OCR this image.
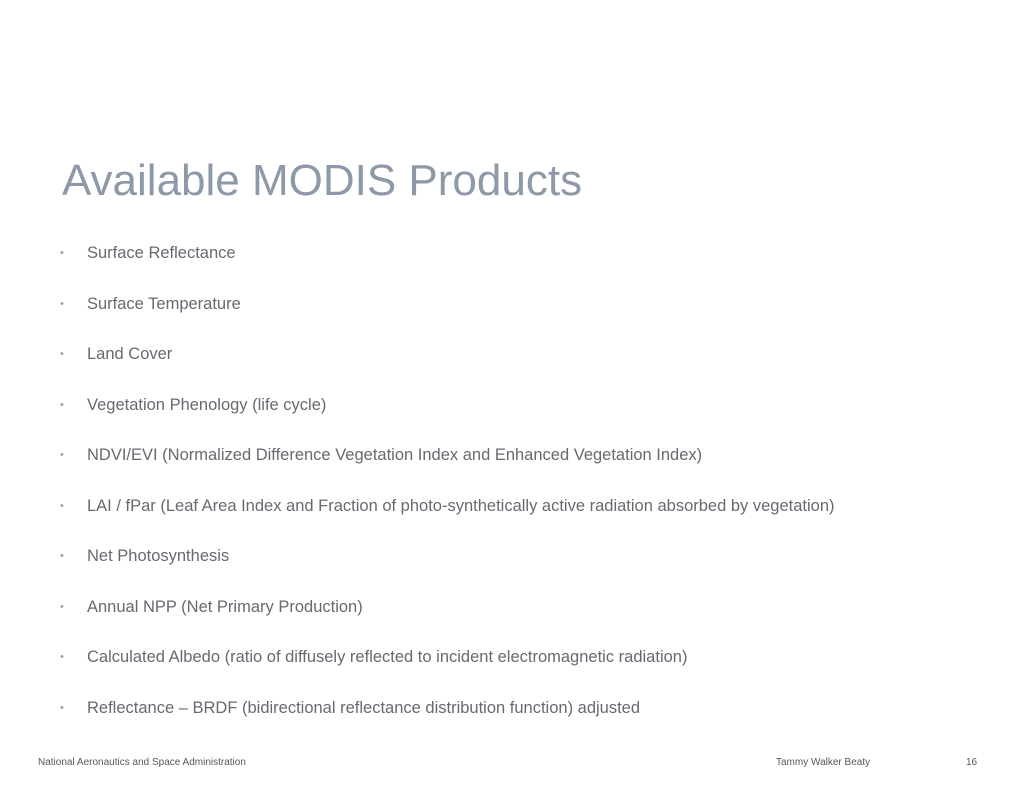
Available MODIS Products
•	Surface Reflectance
•	Surface Temperature
•	Land Cover
•	Vegetation Phenology (life cycle)
•	NDVI/EVI (Normalized Difference Vegetation Index and Enhanced Vegetation Index)
•	LAI / fPar (Leaf Area Index and Fraction of photo-synthetically active radiation absorbed by vegetation)
•	Net Photosynthesis
•	Annual NPP (Net Primary Production)
•	Calculated Albedo (ratio of diffusely reflected to incident electromagnetic radiation)
•	Reflectance – BRDF (bidirectional reflectance distribution function) adjusted
National Aeronautics and Space Administration	Tammy Walker Beaty	16
